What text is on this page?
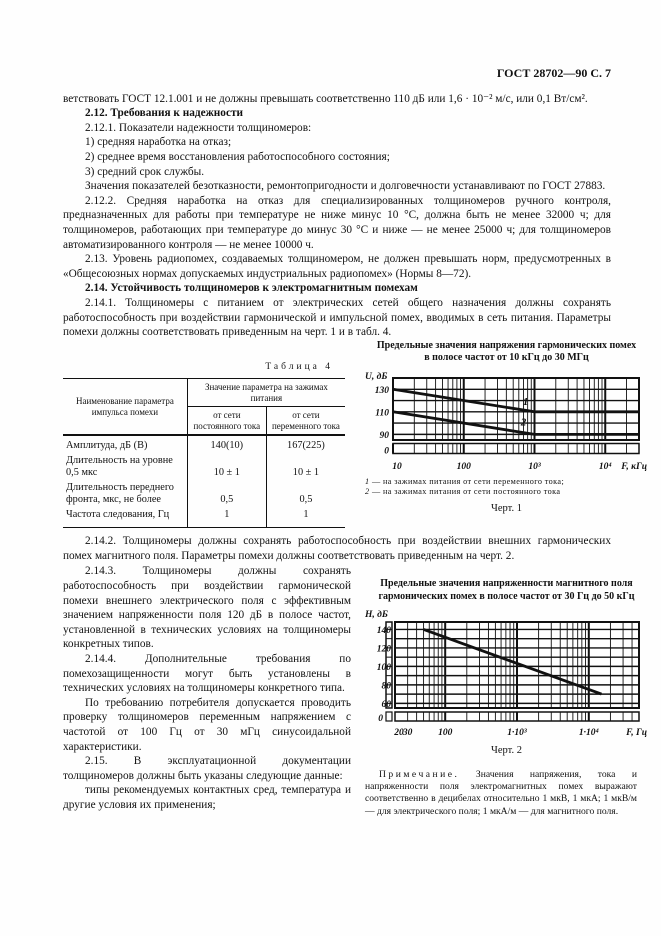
ГОСТ 28702—90 С. 7

ветствовать ГОСТ 12.1.001 и не должны превышать соответственно 110 дБ или 1,6 · 10⁻² м/с, или 0,1 Вт/см².

2.12. Требования к надежности

2.12.1. Показатели надежности толщиномеров:

1) средняя наработка на отказ;

2) среднее время восстановления работоспособного состояния;

3) средний срок службы.

Значения показателей безотказности, ремонтопригодности и долговечности устанавливают по ГОСТ 27883.

2.12.2. Средняя наработка на отказ для специализированных толщиномеров ручного контроля, предназначенных для работы при температуре не ниже минус 10 °С, должна быть не менее 32000 ч; для толщиномеров, работающих при температуре до минус 30 °С и ниже — не менее 25000 ч; для толщиномеров автоматизированного контроля — не менее 10000 ч.

2.13. Уровень радиопомех, создаваемых толщиномером, не должен превышать норм, предусмотренных в «Общесоюзных нормах допускаемых индустриальных радиопомех» (Нормы 8—72).

2.14. Устойчивость толщиномеров к электромагнитным помехам

2.14.1. Толщиномеры с питанием от электрических сетей общего назначения должны сохранять работоспособность при воздействии гармонической и импульсной помех, вводимых в сеть питания. Параметры помехи должны соответствовать приведенным на черт. 1 и в табл. 4.

Таблица 4
Наименование параметра импульса помехи	Значение параметра на зажимах питания	
	от сети постоянного тока	от сети переменного тока
Амплитуда, дБ (В)	140(10)	167(225)
Длительность на уровне 0,5 мкс	10 ± 1	10 ± 1
Длительность переднего фронта, мкс, не более	0,5	0,5
Частота следования, Гц	1	1
Предельные значения напряжения гармонических помех в полосе частот от 10 кГц до 30 МГц
1
2
U, дБ
130
110
90
0
10	100	10³	10⁴ F, кГц
1 — на зажимах питания от сети переменного тока;
2 — на зажимах питания от сети постоянного тока
Черт. 1

2.14.2. Толщиномеры должны сохранять работоспособность при воздействии внешних гармонических помех магнитного поля. Параметры помехи должны соответствовать приведенным на черт. 2.

2.14.3. Толщиномеры должны сохранять работоспособность при воздействии гармонической помехи внешнего электрического поля с эффективным значением напряженности поля 120 дБ в полосе частот, установленной в технических условиях на толщиномеры конкретных типов.

2.14.4. Дополнительные требования по помехозащищенности могут быть установлены в технических условиях на толщиномеры конкретного типа.

По требованию потребителя допускается проводить проверку толщиномеров переменным напряжением с частотой от 100 Гц от 30 мГц синусоидальной характеристики.

2.15. В эксплуатационной документации толщиномеров должны быть указаны следующие данные:

типы рекомендуемых контактных сред, температура и другие условия их применения;

Предельные значения напряженности магнитного поля гармонических помех в полосе частот от 30 Гц до 50 кГц
H, дБ
140
120
100
80
60
0
20 30	100	1·10³	1·10⁴	F, Гц
Черт. 2
Примечание. Значения напряжения, тока и напряженности поля электромагнитных помех выражают соответственно в децибелах относительно 1 мкВ, 1 мкА; 1 мкВ/м — для электрического поля; 1 мкА/м — для магнитного поля.
